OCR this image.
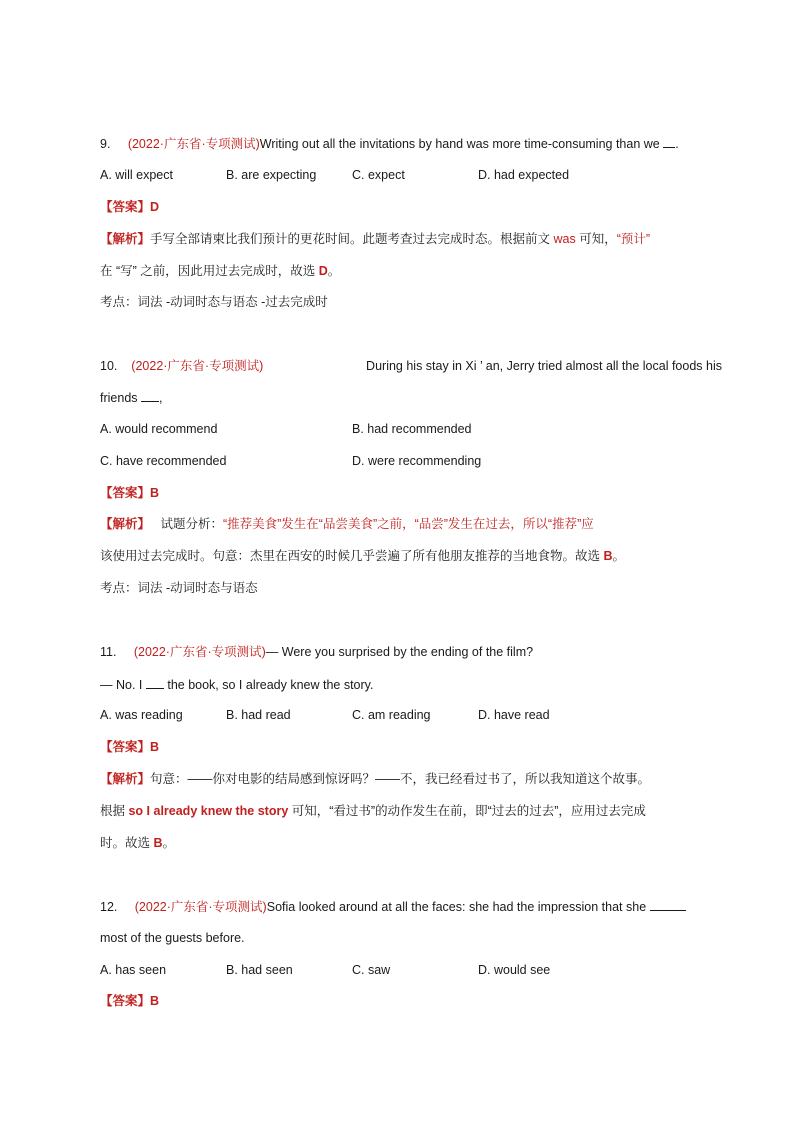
9. (2022·广东省·专项测试)Writing out all the invitations by hand was more time-consuming than we .
A. will expect	B. are expecting	C. expect	D. had expected
【答案】D
【解析】手写全部请柬比我们预计的更花时间。此题考查过去完成时态。根据前文 was 可知，“预计”
在 “写” 之前，因此用过去完成时，故选 D。
考点：词法 -动词时态与语态 -过去完成时
10. (2022·广东省·专项测试)	During his stay in Xi ’ an, Jerry tried almost all the local foods his
friends ,
A. would recommend	B. had recommended
C. have recommended	D. were recommending
【答案】B
【解析】 试题分析：“推荐美食”发生在“品尝美食”之前，“品尝”发生在过去，所以“推荐”应
该使用过去完成时。句意：杰里在西安的时候几乎尝遍了所有他朋友推荐的当地食物。故选 B。
考点：词法 -动词时态与语态
11. (2022·广东省·专项测试)— Were you surprised by the ending of the film?
— No. I the book, so I already knew the story.
A. was reading	B. had read	C. am reading	D. have read
【答案】B
【解析】句意：——你对电影的结局感到惊讶吗？——不，我已经看过书了，所以我知道这个故事。
根据 so I already knew the story 可知，“看过书”的动作发生在前，即“过去的过去”，应用过去完成
时。故选 B。
12. (2022·广东省·专项测试)Sofia looked around at all the faces: she had the impression that she
most of the guests before.
A. has seen	B. had seen	C. saw	D. would see
【答案】B
